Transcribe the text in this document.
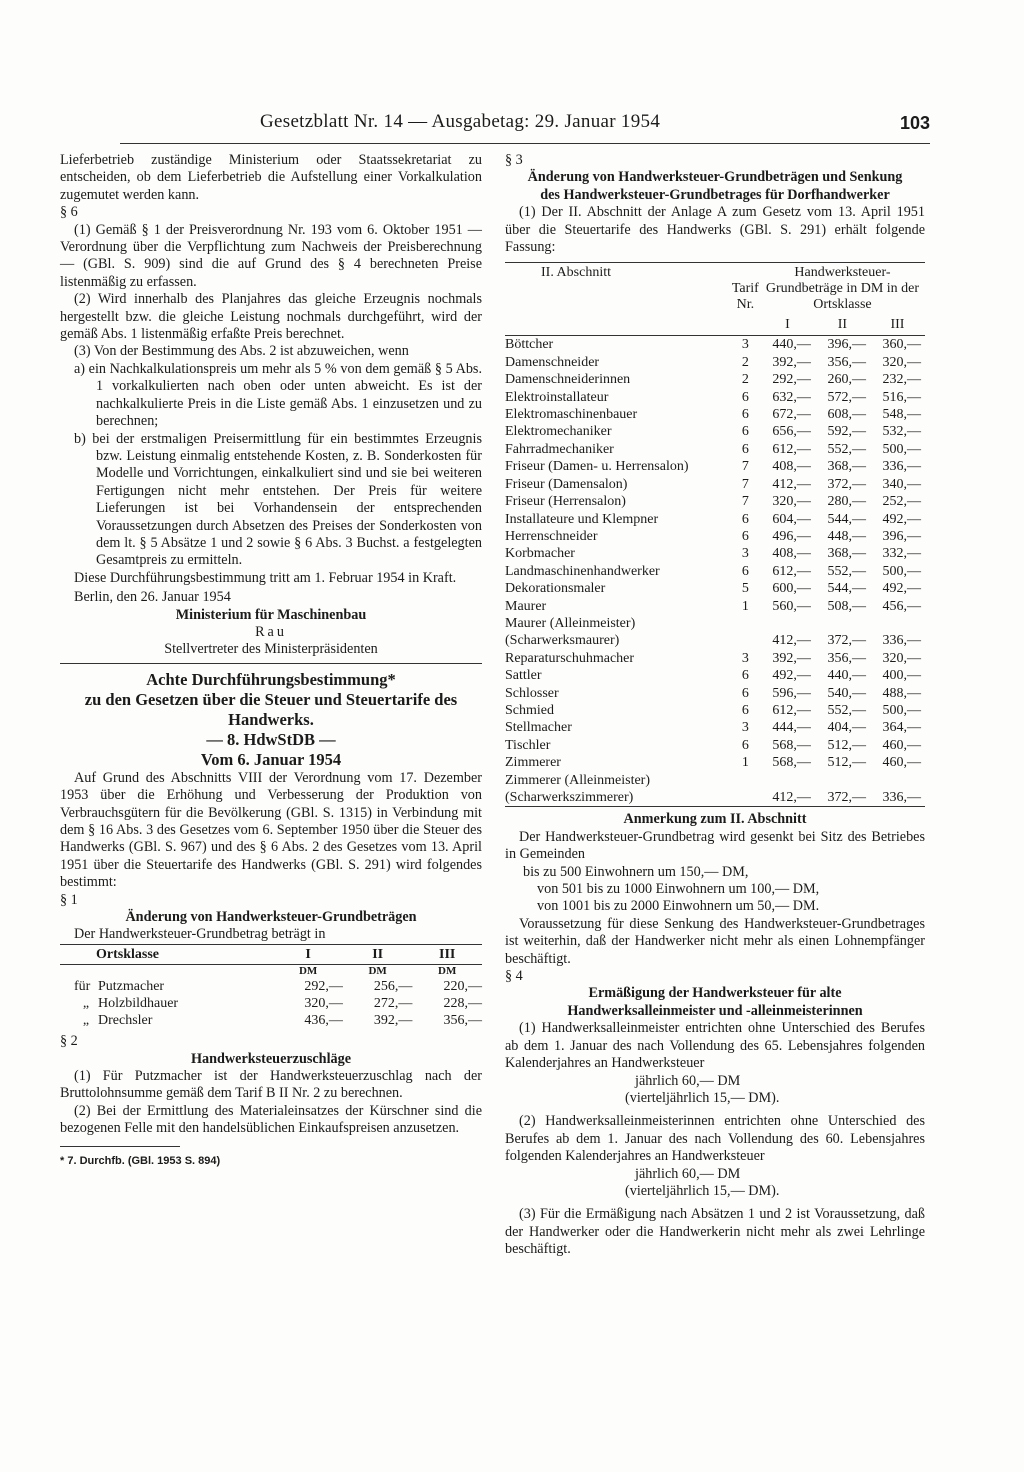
Gesetzblatt Nr. 14 — Ausgabetag: 29. Januar 1954	103

Lieferbetrieb zuständige Ministerium oder Staatssekretariat zu entscheiden, ob dem Lieferbetrieb die Aufstellung einer Vorkalkulation zugemutet werden kann.

§ 6

(1) Gemäß § 1 der Preisverordnung Nr. 193 vom 6. Oktober 1951 — Verordnung über die Verpflichtung zum Nachweis der Preisberechnung — (GBl. S. 909) sind die auf Grund des § 4 berechneten Preise listenmäßig zu erfassen.

(2) Wird innerhalb des Planjahres das gleiche Erzeugnis nochmals hergestellt bzw. die gleiche Leistung nochmals durchgeführt, wird der gemäß Abs. 1 listenmäßig erfaßte Preis berechnet.

(3) Von der Bestimmung des Abs. 2 ist abzuweichen, wenn

a) ein Nachkalkulationspreis um mehr als 5 % von dem gemäß § 5 Abs. 1 vorkalkulierten nach oben oder unten abweicht. Es ist der nachkalkulierte Preis in die Liste gemäß Abs. 1 einzusetzen und zu berechnen;

b) bei der erstmaligen Preisermittlung für ein bestimmtes Erzeugnis bzw. Leistung einmalig entstehende Kosten, z. B. Sonderkosten für Modelle und Vorrichtungen, einkalkuliert sind und sie bei weiteren Fertigungen nicht mehr entstehen. Der Preis für weitere Lieferungen ist bei Vorhandensein der entsprechenden Voraussetzungen durch Absetzen des Preises der Sonderkosten von dem lt. § 5 Absätze 1 und 2 sowie § 6 Abs. 3 Buchst. a festgelegten Gesamtpreis zu ermitteln.

Diese Durchführungsbestimmung tritt am 1. Februar 1954 in Kraft.

Berlin, den 26. Januar 1954

Ministerium für Maschinenbau

Rau

Stellvertreter des Ministerpräsidenten

Achte Durchführungsbestimmung*

zu den Gesetzen über die Steuer und Steuertarife des Handwerks.

— 8. HdwStDB —

Vom 6. Januar 1954

Auf Grund des Abschnitts VIII der Verordnung vom 17. Dezember 1953 über die Erhöhung und Verbesserung der Produktion von Verbrauchsgütern für die Bevölkerung (GBl. S. 1315) in Verbindung mit dem § 16 Abs. 3 des Gesetzes vom 6. September 1950 über die Steuer des Handwerks (GBl. S. 967) und des § 6 Abs. 2 des Gesetzes vom 13. April 1951 über die Steuertarife des Handwerks (GBl. S. 291) wird folgendes bestimmt:

§ 1

Änderung von Handwerksteuer-Grundbeträgen

Der Handwerksteuer-Grundbetrag beträgt in

Ortsklasse	I	II	III
	DM	DM	DM
für Putzmacher	292,—	256,—	220,—
„ Holzbildhauer	320,—	272,—	228,—
„ Drechsler	436,—	392,—	356,—

§ 2

Handwerksteuerzuschläge

(1) Für Putzmacher ist der Handwerksteuerzuschlag nach der Bruttolohnsumme gemäß dem Tarif B II Nr. 2 zu berechnen.

(2) Bei der Ermittlung des Materialeinsatzes der Kürschner sind die bezogenen Felle mit den handelsüblichen Einkaufspreisen anzusetzen.

* 7. Durchfb. (GBl. 1953 S. 894)

§ 3

Änderung von Handwerksteuer-Grundbeträgen und Senkung des Handwerksteuer-Grundbetrages für Dorfhandwerker

(1) Der II. Abschnitt der Anlage A zum Gesetz vom 13. April 1951 über die Steuertarife des Handwerks (GBl. S. 291) erhält folgende Fassung:

II. Abschnitt	Tarif Nr.	Handwerksteuer-Grundbeträge in DM in der Ortsklasse		
		I	II	III
Böttcher	3	440,—	396,—	360,—
Damenschneider	2	392,—	356,—	320,—
Damenschneiderinnen	2	292,—	260,—	232,—
Elektroinstallateur	6	632,—	572,—	516,—
Elektromaschinenbauer	6	672,—	608,—	548,—
Elektromechaniker	6	656,—	592,—	532,—
Fahrradmechaniker	6	612,—	552,—	500,—
Friseur (Damen- u. Herrensalon)	7	408,—	368,—	336,—
Friseur (Damensalon)	7	412,—	372,—	340,—
Friseur (Herrensalon)	7	320,—	280,—	252,—
Installateure und Klempner	6	604,—	544,—	492,—
Herrenschneider	6	496,—	448,—	396,—
Korbmacher	3	408,—	368,—	332,—
Landmaschinenhandwerker	6	612,—	552,—	500,—
Dekorationsmaler	5	600,—	544,—	492,—
Maurer	1	560,—	508,—	456,—
Maurer (Alleinmeister) (Scharwerksmaurer)		412,—	372,—	336,—
Reparaturschuhmacher	3	392,—	356,—	320,—
Sattler	6	492,—	440,—	400,—
Schlosser	6	596,—	540,—	488,—
Schmied	6	612,—	552,—	500,—
Stellmacher	3	444,—	404,—	364,—
Tischler	6	568,—	512,—	460,—
Zimmerer	1	568,—	512,—	460,—
Zimmerer (Alleinmeister) (Scharwerkszimmerer)		412,—	372,—	336,—

Anmerkung zum II. Abschnitt

Der Handwerksteuer-Grundbetrag wird gesenkt bei Sitz des Betriebes in Gemeinden

bis zu 500 Einwohnern um 150,— DM,

von 501 bis zu 1000 Einwohnern um 100,— DM,

von 1001 bis zu 2000 Einwohnern um 50,— DM.

Voraussetzung für diese Senkung des Handwerksteuer-Grundbetrages ist weiterhin, daß der Handwerker nicht mehr als einen Lohnempfänger beschäftigt.

§ 4

Ermäßigung der Handwerksteuer für alte Handwerksalleinmeister und -alleinmeisterinnen

(1) Handwerksalleinmeister entrichten ohne Unterschied des Berufes ab dem 1. Januar des nach Vollendung des 65. Lebensjahres folgenden Kalenderjahres an Handwerksteuer

jährlich 60,— DM

(vierteljährlich 15,— DM).

(2) Handwerksalleinmeisterinnen entrichten ohne Unterschied des Berufes ab dem 1. Januar des nach Vollendung des 60. Lebensjahres folgenden Kalenderjahres an Handwerksteuer

jährlich 60,— DM

(vierteljährlich 15,— DM).

(3) Für die Ermäßigung nach Absätzen 1 und 2 ist Voraussetzung, daß der Handwerker oder die Handwerkerin nicht mehr als zwei Lehrlinge beschäftigt.
